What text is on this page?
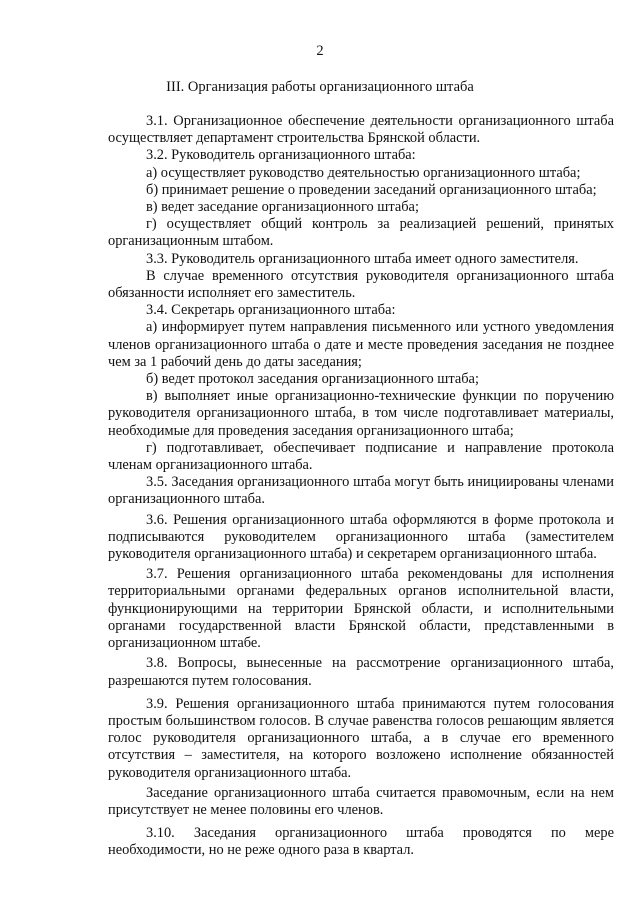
2
III. Организация работы организационного штаба

3.1. Организационное обеспечение деятельности организационного штаба осуществляет департамент строительства Брянской области.

3.2. Руководитель организационного штаба:

а) осуществляет руководство деятельностью организационного штаба;

б) принимает решение о проведении заседаний организационного штаба;

в) ведет заседание организационного штаба;

г) осуществляет общий контроль за реализацией решений, принятых организационным штабом.

3.3. Руководитель организационного штаба имеет одного заместителя.

В случае временного отсутствия руководителя организационного штаба обязанности исполняет его заместитель.

3.4. Секретарь организационного штаба:

а) информирует путем направления письменного или устного уведомления членов организационного штаба о дате и месте проведения заседания не позднее чем за 1 рабочий день до даты заседания;

б) ведет протокол заседания организационного штаба;

в) выполняет иные организационно-технические функции по поручению руководителя организационного штаба, в том числе подготавливает материалы, необходимые для проведения заседания организационного штаба;

г) подготавливает, обеспечивает подписание и направление протокола членам организационного штаба.

3.5. Заседания организационного штаба могут быть инициированы членами организационного штаба.

3.6. Решения организационного штаба оформляются в форме протокола и подписываются руководителем организационного штаба (заместителем руководителя организационного штаба) и секретарем организационного штаба.

3.7. Решения организационного штаба рекомендованы для исполнения территориальными органами федеральных органов исполнительной власти, функционирующими на территории Брянской области, и исполнительными органами государственной власти Брянской области, представленными в организационном штабе.

3.8. Вопросы, вынесенные на рассмотрение организационного штаба, разрешаются путем голосования.

3.9. Решения организационного штаба принимаются путем голосования простым большинством голосов. В случае равенства голосов решающим является голос руководителя организационного штаба, а в случае его временного отсутствия – заместителя, на которого возложено исполнение обязанностей руководителя организационного штаба.

Заседание организационного штаба считается правомочным, если на нем присутствует не менее половины его членов.

3.10. Заседания организационного штаба проводятся по мере необходимости, но не реже одного раза в квартал.
